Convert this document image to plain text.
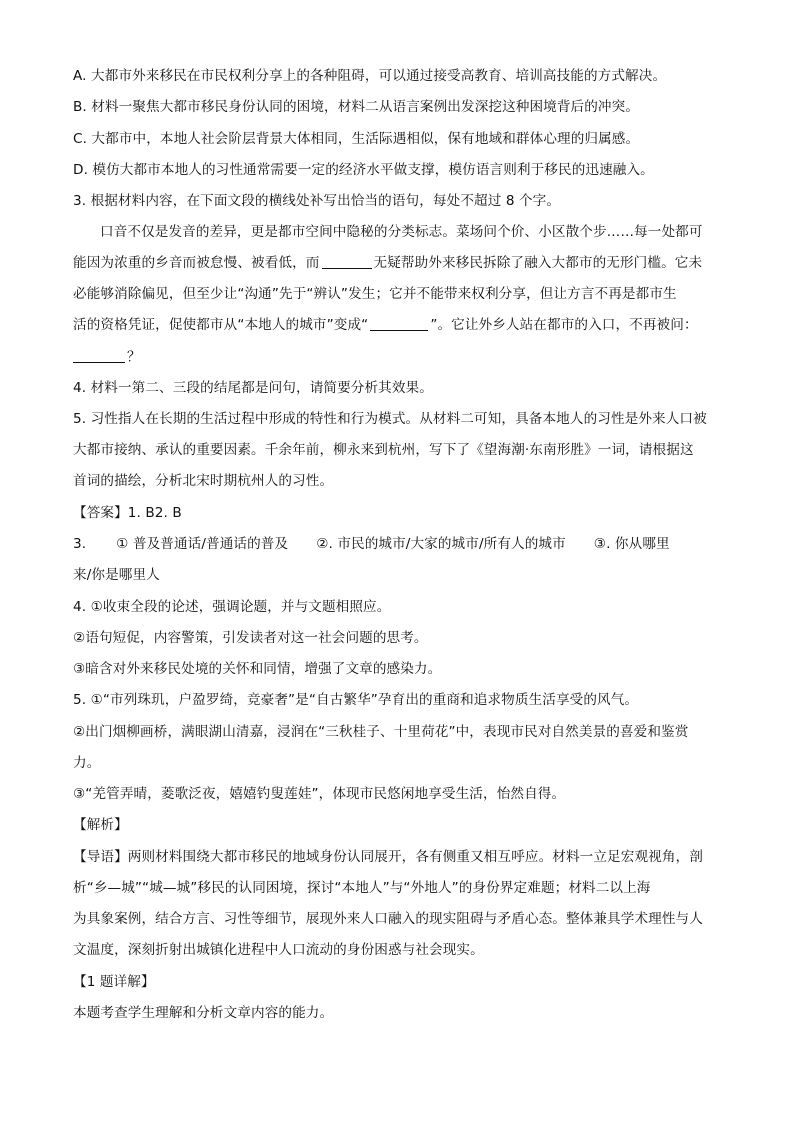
A. 大都市外来移民在市民权利分享上的各种阻碍，可以通过接受高教育、培训高技能的方式解决。
B. 材料一聚焦大都市移民身份认同的困境，材料二从语言案例出发深挖这种困境背后的冲突。
C. 大都市中，本地人社会阶层背景大体相同，生活际遇相似，保有地域和群体心理的归属感。
D. 模仿大都市本地人的习性通常需要一定的经济水平做支撑，模仿语言则利于移民的迅速融入。
3. 根据材料内容，在下面文段的横线处补写出恰当的语句，每处不超过 8 个字。
口音不仅是发音的差异，更是都市空间中隐秘的分类标志。菜场问个价、小区散个步……每一处都可
能因为浓重的乡音而被怠慢、被看低，而	无疑帮助外来移民拆除了融入大都市的无形门槛。它未
必能够消除偏见，但至少让“沟通”先于“辨认”发生；它并不能带来权利分享，但让方言不再是都市生
活的资格凭证，促使都市从“本地人的城市”变成“	”。它让外乡人站在都市的入口，不再被问：
？
4. 材料一第二、三段的结尾都是问句，请简要分析其效果。
5. 习性指人在长期的生活过程中形成的特性和行为模式。从材料二可知，具备本地人的习性是外来人口被
大都市接纳、承认的重要因素。千余年前，柳永来到杭州，写下了《望海潮·东南形胜》一词，请根据这
首词的描绘，分析北宋时期杭州人的习性。
【答案】1. B2. B
3. ① 普及普通话/普通话的普及 ②. 市民的城市/大家的城市/所有人的城市 ③. 你从哪里
来/你是哪里人
4. ①收束全段的论述，强调论题，并与文题相照应。
②语句短促，内容警策，引发读者对这一社会问题的思考。
③暗含对外来移民处境的关怀和同情，增强了文章的感染力。
5. ①“市列珠玑，户盈罗绮，竞豪奢”是“自古繁华”孕育出的重商和追求物质生活享受的风气。
②出门烟柳画桥，满眼湖山清嘉，浸润在“三秋桂子、十里荷花”中，表现市民对自然美景的喜爱和鉴赏
力。
③“羌管弄晴，菱歌泛夜，嬉嬉钓叟莲娃”，体现市民悠闲地享受生活，怡然自得。
【解析】
【导语】两则材料围绕大都市移民的地域身份认同展开，各有侧重又相互呼应。材料一立足宏观视角，剖
析“乡—城”“城—城”移民的认同困境，探讨“本地人”与“外地人”的身份界定难题；材料二以上海
为具象案例，结合方言、习性等细节，展现外来人口融入的现实阻碍与矛盾心态。整体兼具学术理性与人
文温度，深刻折射出城镇化进程中人口流动的身份困惑与社会现实。
【1 题详解】
本题考查学生理解和分析文章内容的能力。
